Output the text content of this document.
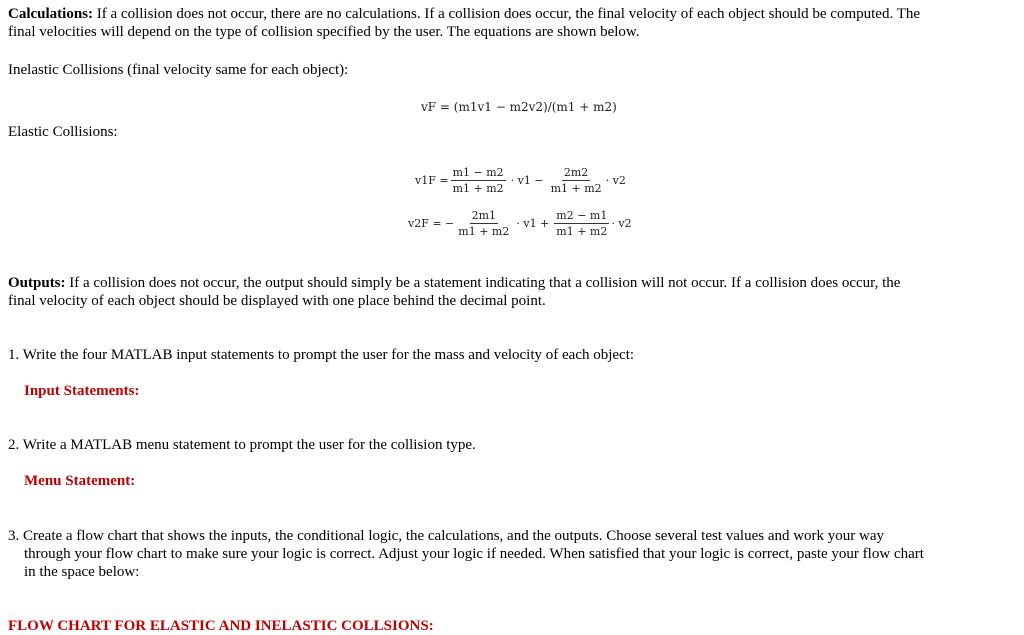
Calculations: If a collision does not occur, there are no calculations. If a collision does occur, the final velocity of each object should be computed. The
final velocities will depend on the type of collision specified by the user. The equations are shown below.
Inelastic Collisions (final velocity same for each object):
vF = (m1v1 − m2v2)/(m1 + m2)
Elastic Collisions:
$v1F = \frac{m1 - m2}{m1 + m2} \cdot v1 - \frac{2m2}{m1 + m2} \cdot v2$
v2F = − $\frac{2m1}{m1 + m2} \cdot v1 + \frac{m2 - m1}{m1 + m2} \cdot v2$
Outputs: If a collision does not occur, the output should simply be a statement indicating that a collision will not occur. If a collision does occur, the
final velocity of each object should be displayed with one place behind the decimal point.
1. Write the four MATLAB input statements to prompt the user for the mass and velocity of each object:
Input Statements:
2. Write a MATLAB menu statement to prompt the user for the collision type.
Menu Statement:
3. Create a flow chart that shows the inputs, the conditional logic, the calculations, and the outputs. Choose several test values and work your way
through your flow chart to make sure your logic is correct. Adjust your logic if needed. When satisfied that your logic is correct, paste your flow chart
in the space below:
FLOW CHART FOR ELASTIC AND INELASTIC COLLSIONS:
